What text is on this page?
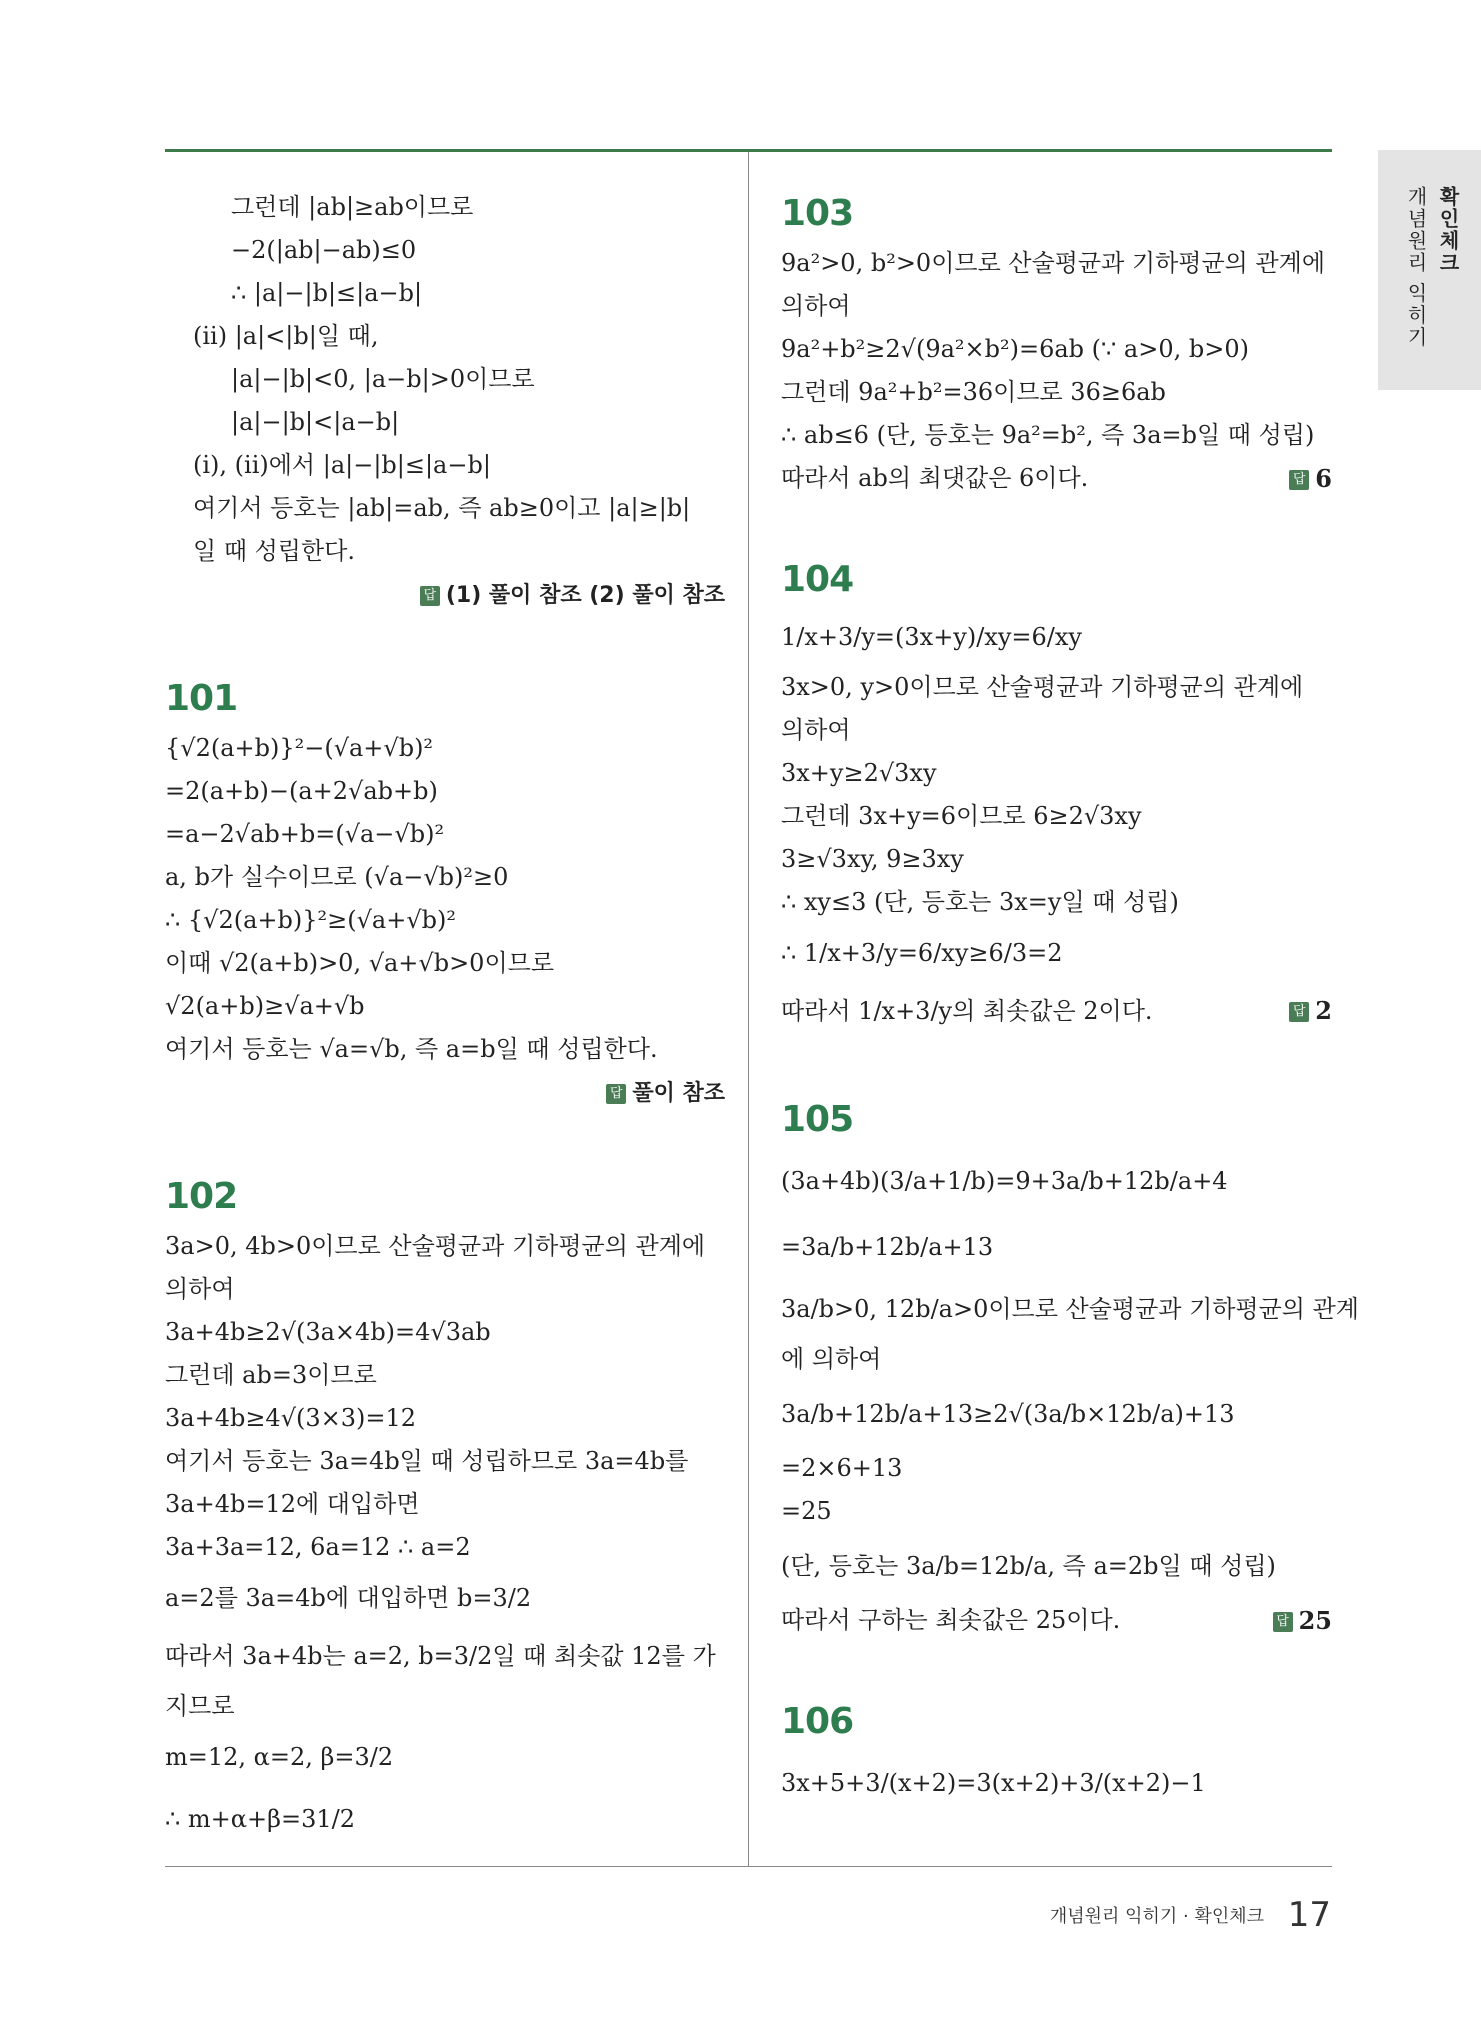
확인체크
개념원리 익히기
그런데 |ab|≥ab이므로
−2(|ab|−ab)≤0
∴ |a|−|b|≤|a−b|
(ii) |a|<|b|일 때,
|a|−|b|<0, |a−b|>0이므로
|a|−|b|<|a−b|
(i), (ii)에서 |a|−|b|≤|a−b|
여기서 등호는 |ab|=ab, 즉 ab≥0이고 |a|≥|b|
일 때 성립한다.
답 (1) 풀이 참조 (2) 풀이 참조
101
{√2(a+b)}²−(√a+√b)²
=2(a+b)−(a+2√ab+b)
=a−2√ab+b=(√a−√b)²
a, b가 실수이므로 (√a−√b)²≥0
∴ {√2(a+b)}²≥(√a+√b)²
이때 √2(a+b)>0, √a+√b>0이므로
√2(a+b)≥√a+√b
여기서 등호는 √a=√b, 즉 a=b일 때 성립한다.
답 풀이 참조
102
3a>0, 4b>0이므로 산술평균과 기하평균의 관계에
의하여
3a+4b≥2√(3a×4b)=4√3ab
그런데 ab=3이므로
3a+4b≥4√(3×3)=12
여기서 등호는 3a=4b일 때 성립하므로 3a=4b를
3a+4b=12에 대입하면
3a+3a=12, 6a=12 ∴ a=2
a=2를 3a=4b에 대입하면 b=3/2
따라서 3a+4b는 a=2, b=3/2일 때 최솟값 12를 가
지므로
m=12, α=2, β=3/2
∴ m+α+β=31/2
103
9a²>0, b²>0이므로 산술평균과 기하평균의 관계에
의하여
9a²+b²≥2√(9a²×b²)=6ab (∵ a>0, b>0)
그런데 9a²+b²=36이므로 36≥6ab
∴ ab≤6 (단, 등호는 9a²=b², 즉 3a=b일 때 성립)
따라서 ab의 최댓값은 6이다.	답 6
104
1/x+3/y=(3x+y)/xy=6/xy
3x>0, y>0이므로 산술평균과 기하평균의 관계에
의하여
3x+y≥2√3xy
그런데 3x+y=6이므로 6≥2√3xy
3≥√3xy, 9≥3xy
∴ xy≤3 (단, 등호는 3x=y일 때 성립)
∴ 1/x+3/y=6/xy≥6/3=2
따라서 1/x+3/y의 최솟값은 2이다.	답 2
105
(3a+4b)(3/a+1/b)=9+3a/b+12b/a+4
=3a/b+12b/a+13
3a/b>0, 12b/a>0이므로 산술평균과 기하평균의 관계
에 의하여
3a/b+12b/a+13≥2√(3a/b×12b/a)+13
=2×6+13
=25
(단, 등호는 3a/b=12b/a, 즉 a=2b일 때 성립)
따라서 구하는 최솟값은 25이다.	답 25
106
3x+5+3/(x+2)=3(x+2)+3/(x+2)−1
개념원리 익히기 · 확인체크 17
